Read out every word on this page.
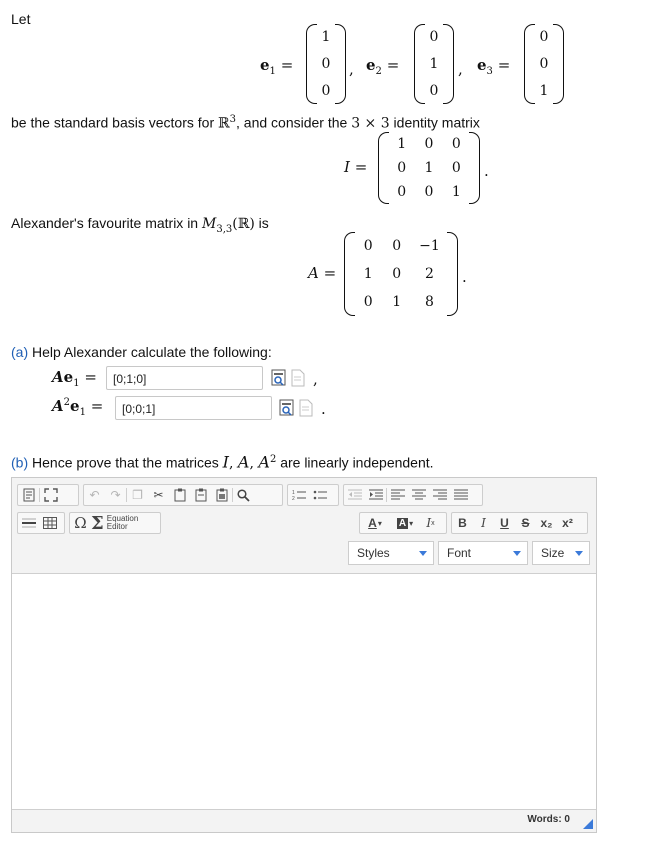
Let
$e_1$ =
1
0
0
, $e_2$ =
0
1
0
, $e_3$ =
0
0
1
be the standard basis vectors for ℝ$^3$, and consider the 3 × 3 identity matrix
I =
1 0 0
0 1 0
0 0 1
.
Alexander's favourite matrix in $M_{3,3}(ℝ)$ is
A =
0 0 −1
1 0 2
0 1 8
.
(a) Help Alexander calculate the following:
$Ae_1$ =	[0;1;0]	,
$A^2e_1$ =	[0;0;1]	.
(b) Hence prove that the matrices I, A, $A^2$ are linearly independent.
↶ ↷ ❐ ✂	1
2
Ω Σ Equation
Editor	A ▾ A ▾ I x	B	I	U	S x₂ x²
Styles	Font	Size
Words: 0
